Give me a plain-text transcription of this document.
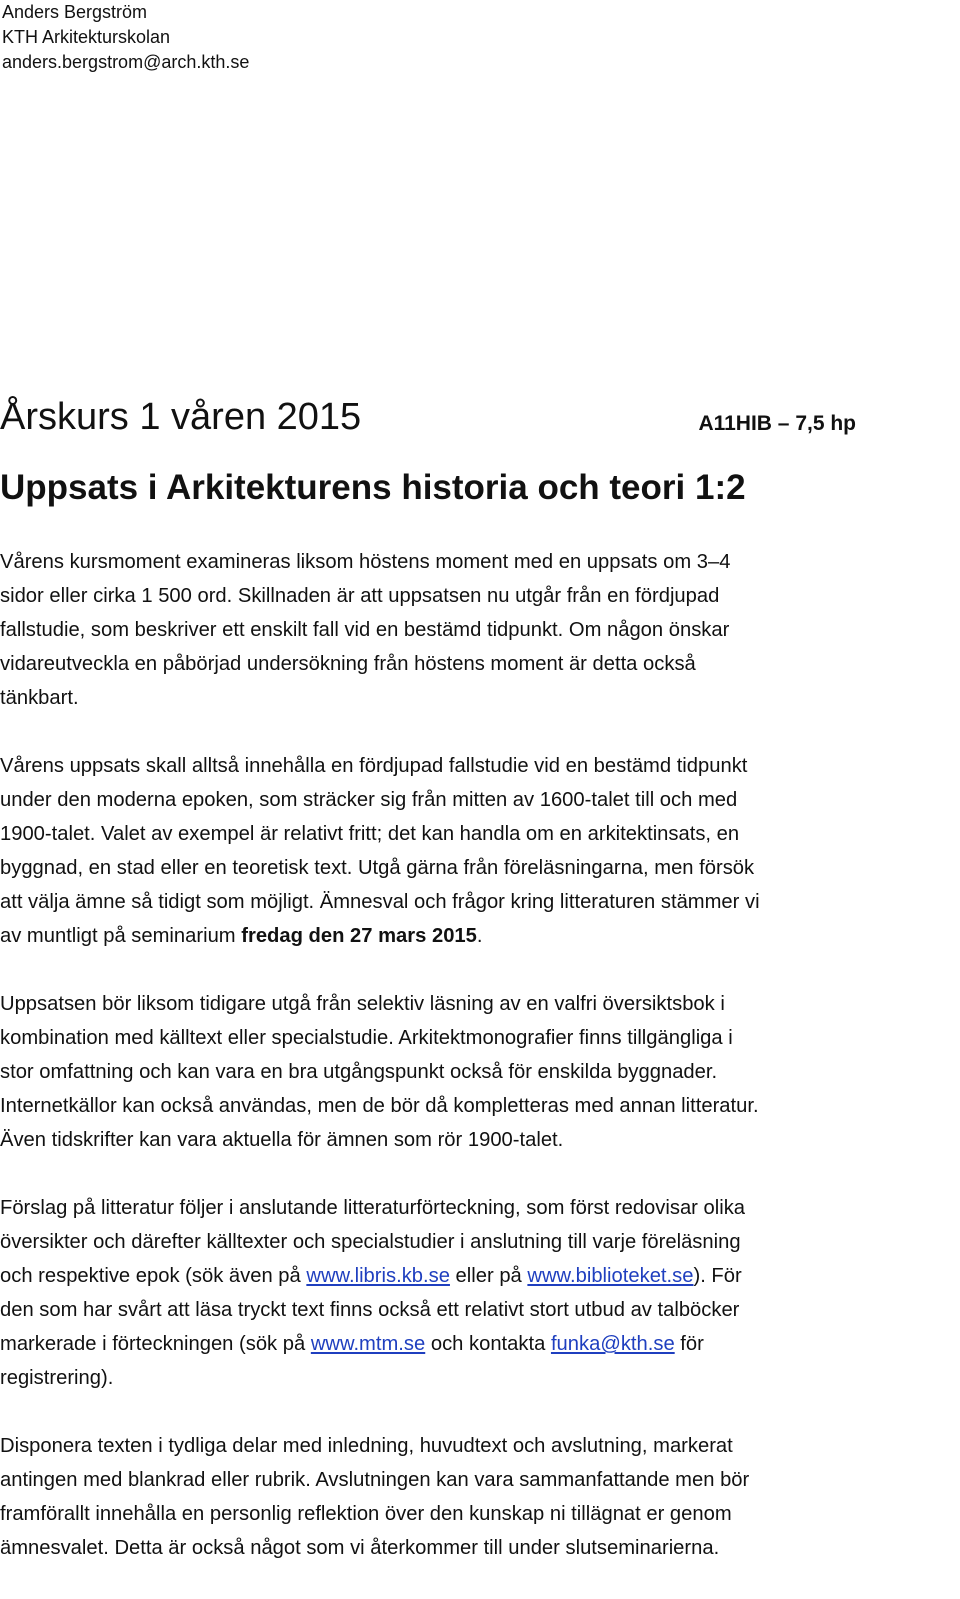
Anders Bergström
KTH Arkitekturskolan
anders.bergstrom@arch.kth.se
Årskurs 1 våren 2015	A11HIB – 7,5 hp
Uppsats i Arkitekturens historia och teori 1:2

Vårens kursmoment examineras liksom höstens moment med en uppsats om 3–4
sidor eller cirka 1 500 ord. Skillnaden är att uppsatsen nu utgår från en fördjupad
fallstudie, som beskriver ett enskilt fall vid en bestämd tidpunkt. Om någon önskar
vidareutveckla en påbörjad undersökning från höstens moment är detta också
tänkbart.

Vårens uppsats skall alltså innehålla en fördjupad fallstudie vid en bestämd tidpunkt
under den moderna epoken, som sträcker sig från mitten av 1600-talet till och med
1900-talet. Valet av exempel är relativt fritt; det kan handla om en arkitektinsats, en
byggnad, en stad eller en teoretisk text. Utgå gärna från föreläsningarna, men försök
att välja ämne så tidigt som möjligt. Ämnesval och frågor kring litteraturen stämmer vi
av muntligt på seminarium fredag den 27 mars 2015.

Uppsatsen bör liksom tidigare utgå från selektiv läsning av en valfri översiktsbok i
kombination med källtext eller specialstudie. Arkitektmonografier finns tillgängliga i
stor omfattning och kan vara en bra utgångspunkt också för enskilda byggnader.
Internetkällor kan också användas, men de bör då kompletteras med annan litteratur.
Även tidskrifter kan vara aktuella för ämnen som rör 1900-talet.

Förslag på litteratur följer i anslutande litteraturförteckning, som först redovisar olika
översikter och därefter källtexter och specialstudier i anslutning till varje föreläsning
och respektive epok (sök även på www.libris.kb.se eller på www.biblioteket.se). För
den som har svårt att läsa tryckt text finns också ett relativt stort utbud av talböcker
markerade i förteckningen (sök på www.mtm.se och kontakta funka@kth.se för
registrering).

Disponera texten i tydliga delar med inledning, huvudtext och avslutning, markerat
antingen med blankrad eller rubrik. Avslutningen kan vara sammanfattande men bör
framförallt innehålla en personlig reflektion över den kunskap ni tillägnat er genom
ämnesvalet. Detta är också något som vi återkommer till under slutseminarierna.
